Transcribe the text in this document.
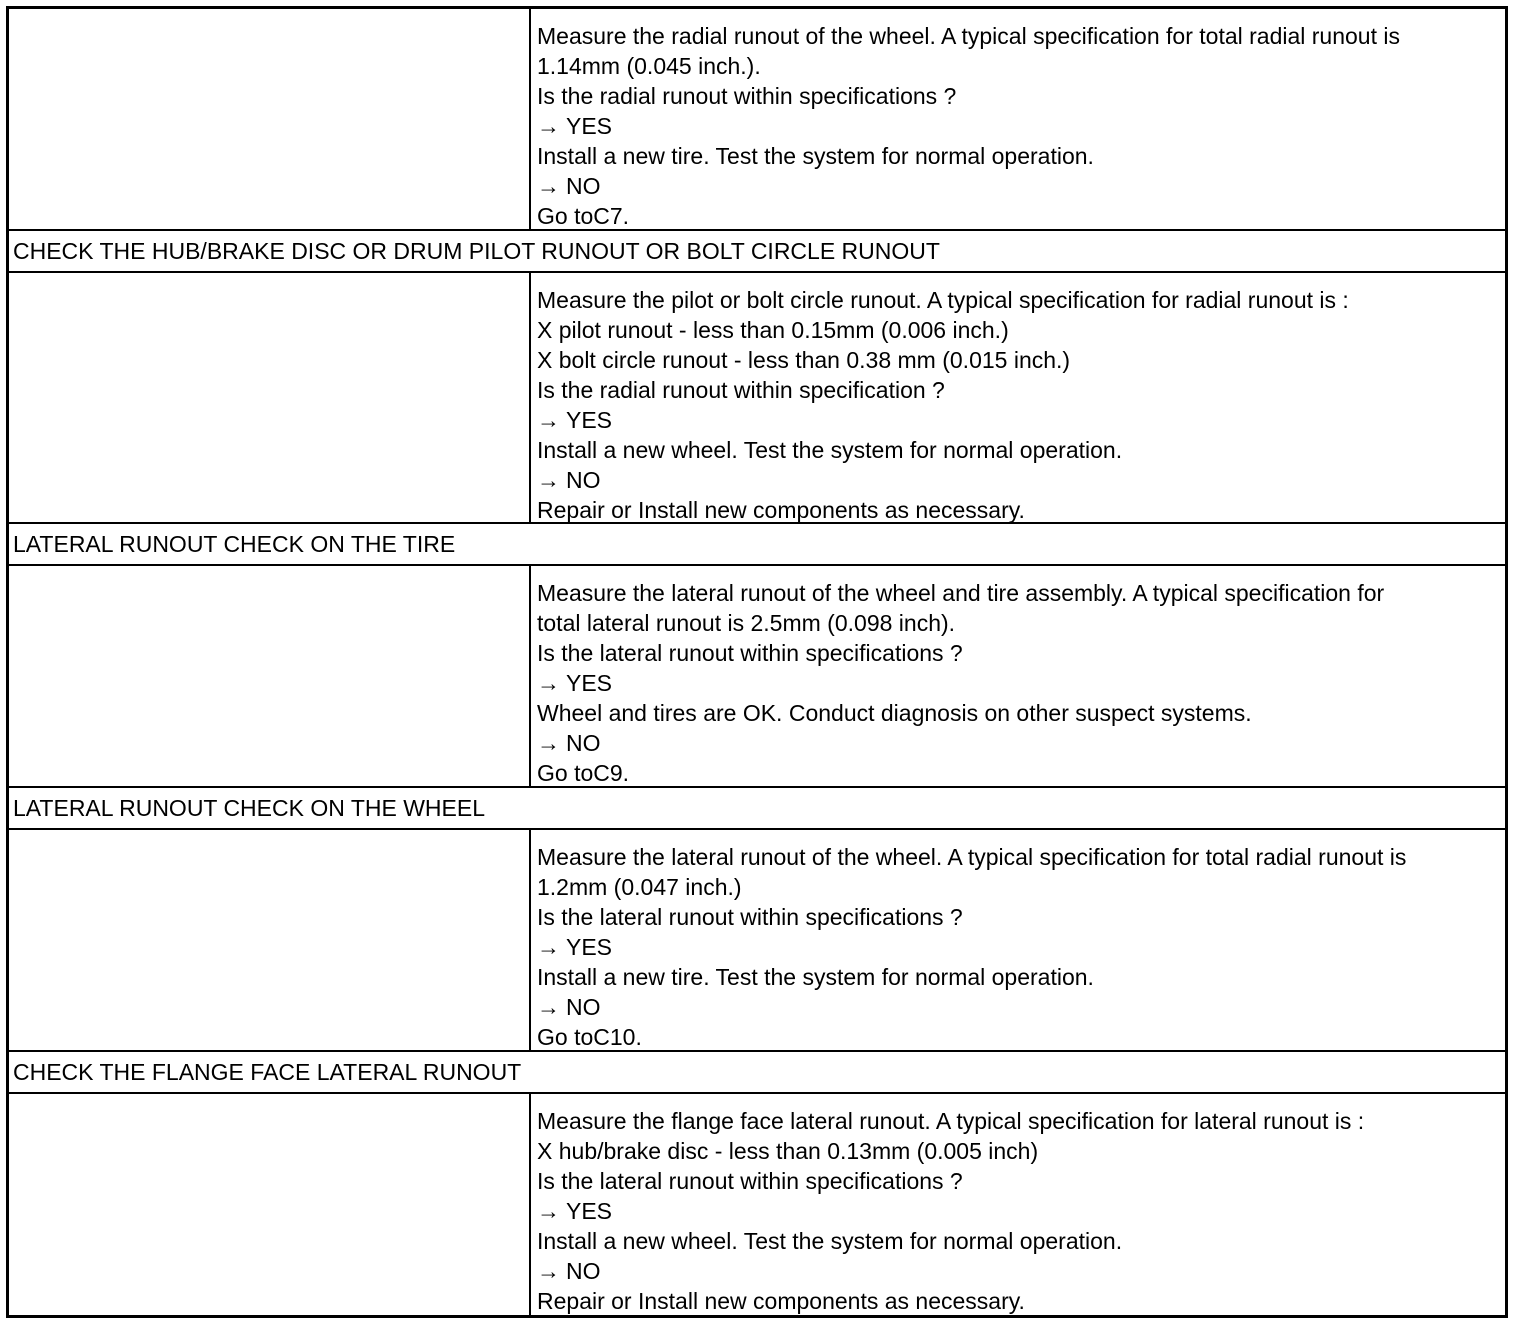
Measure the radial runout of the wheel. A typical specification for total radial runout is
1.14mm (0.045 inch.).
Is the radial runout within specifications ?
→ YES
Install a new tire. Test the system for normal operation.
→ NO
Go toC7.
CHECK THE HUB/BRAKE DISC OR DRUM PILOT RUNOUT OR BOLT CIRCLE RUNOUT
Measure the pilot or bolt circle runout. A typical specification for radial runout is :
X pilot runout - less than 0.15mm (0.006 inch.)
X bolt circle runout - less than 0.38 mm (0.015 inch.)
Is the radial runout within specification ?
→ YES
Install a new wheel. Test the system for normal operation.
→ NO
Repair or Install new components as necessary.
LATERAL RUNOUT CHECK ON THE TIRE
Measure the lateral runout of the wheel and tire assembly. A typical specification for
total lateral runout is 2.5mm (0.098 inch).
Is the lateral runout within specifications ?
→ YES
Wheel and tires are OK. Conduct diagnosis on other suspect systems.
→ NO
Go toC9.
LATERAL RUNOUT CHECK ON THE WHEEL
Measure the lateral runout of the wheel. A typical specification for total radial runout is
1.2mm (0.047 inch.)
Is the lateral runout within specifications ?
→ YES
Install a new tire. Test the system for normal operation.
→ NO
Go toC10.
CHECK THE FLANGE FACE LATERAL RUNOUT
Measure the flange face lateral runout. A typical specification for lateral runout is :
X hub/brake disc - less than 0.13mm (0.005 inch)
Is the lateral runout within specifications ?
→ YES
Install a new wheel. Test the system for normal operation.
→ NO
Repair or Install new components as necessary.
